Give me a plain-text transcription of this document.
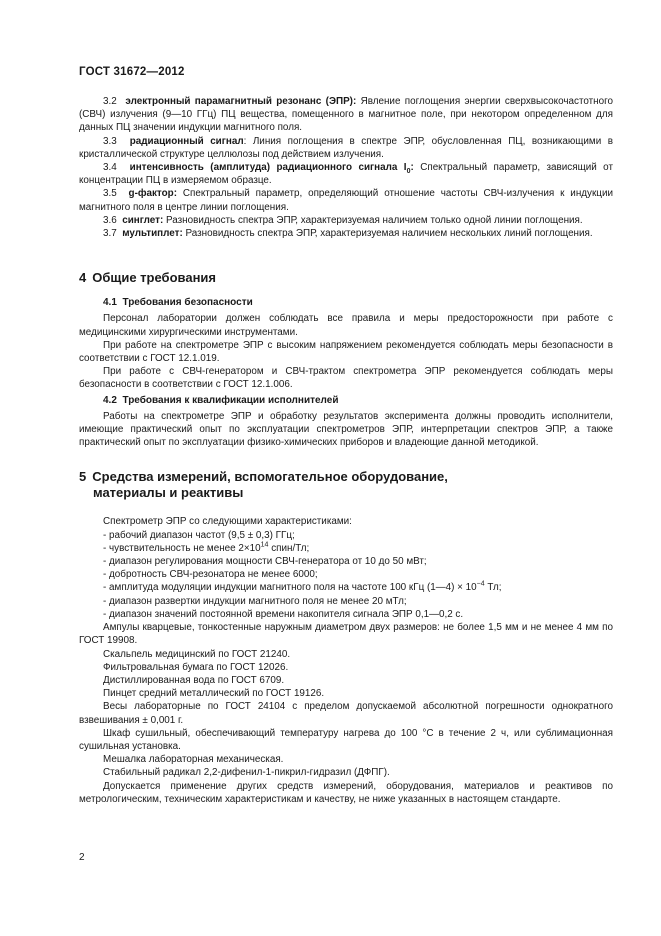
ГОСТ 31672—2012

3.2 электронный парамагнитный резонанс (ЭПР): Явление поглощения энергии сверхвысокочастотного (СВЧ) излучения (9—10 ГГц) ПЦ вещества, помещенного в магнитное поле, при некотором определенном для данных ПЦ значении индукции магнитного поля.

3.3 радиационный сигнал: Линия поглощения в спектре ЭПР, обусловленная ПЦ, возникающими в кристаллической структуре целлюлозы под действием излучения.

3.4 интенсивность (амплитуда) радиационного сигнала $I_0$: Спектральный параметр, зависящий от концентрации ПЦ в измеряемом образце.

3.5 g-фактор: Спектральный параметр, определяющий отношение частоты СВЧ-излучения к индукции магнитного поля в центре линии поглощения.

3.6 синглет: Разновидность спектра ЭПР, характеризуемая наличием только одной линии поглощения.

3.7 мультиплет: Разновидность спектра ЭПР, характеризуемая наличием нескольких линий поглощения.

4 Общие требования
4.1 Требования безопасности

Персонал лаборатории должен соблюдать все правила и меры предосторожности при работе с медицинскими хирургическими инструментами.

При работе на спектрометре ЭПР с высоким напряжением рекомендуется соблюдать меры безопасности в соответствии с ГОСТ 12.1.019.

При работе с СВЧ-генератором и СВЧ-трактом спектрометра ЭПР рекомендуется соблюдать меры безопасности в соответствии с ГОСТ 12.1.006.

4.2 Требования к квалификации исполнителей

Работы на спектрометре ЭПР и обработку результатов эксперимента должны проводить исполнители, имеющие практический опыт по эксплуатации спектрометров ЭПР, интерпретации спектров ЭПР, а также практический опыт по эксплуатации физико-химических приборов и владеющие данной методикой.

5 Средства измерений, вспомогательное оборудование,
материалы и реактивы

Спектрометр ЭПР со следующими характеристиками:

- рабочий диапазон частот (9,5 ± 0,3) ГГц;

- чувствительность не менее $2\times 10^{14}$ спин/Тл;

- диапазон регулирования мощности СВЧ-генератора от 10 до 50 мВт;

- добротность СВЧ-резонатора не менее 6000;

- амплитуда модуляции индукции магнитного поля на частоте 100 кГц (1—4) × $10^{-4}$ Тл;

- диапазон развертки индукции магнитного поля не менее 20 мТл;

- диапазон значений постоянной времени накопителя сигнала ЭПР 0,1—0,2 с.

Ампулы кварцевые, тонкостенные наружным диаметром двух размеров: не более 1,5 мм и не менее 4 мм по ГОСТ 19908.

Скальпель медицинский по ГОСТ 21240.

Фильтровальная бумага по ГОСТ 12026.

Дистиллированная вода по ГОСТ 6709.

Пинцет средний металлический по ГОСТ 19126.

Весы лабораторные по ГОСТ 24104 с пределом допускаемой абсолютной погрешности однократного взвешивания ± 0,001 г.

Шкаф сушильный, обеспечивающий температуру нагрева до 100 °С в течение 2 ч, или сублимационная сушильная установка.

Мешалка лабораторная механическая.

Стабильный радикал 2,2-дифенил-1-пикрил-гидразил (ДФПГ).

Допускается применение других средств измерений, оборудования, материалов и реактивов по метрологическим, техническим характеристикам и качеству, не ниже указанных в настоящем стандарте.

2
